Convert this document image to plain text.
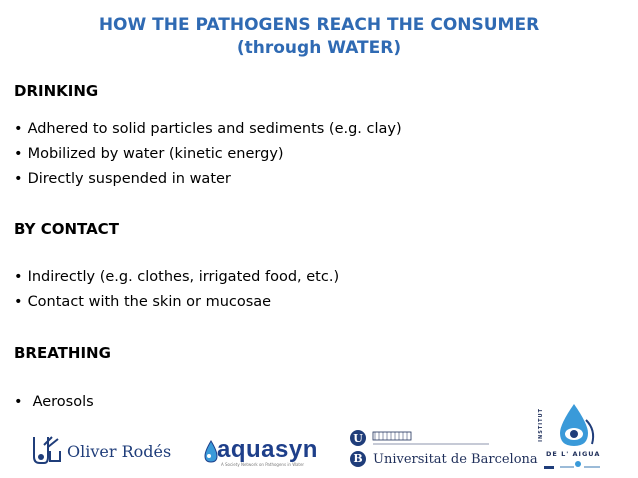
HOW THE PATHOGENS REACH THE CONSUMER
(through WATER)
DRINKING
• Adhered to solid particles and sediments (e.g. clay)
• Mobilized by water (kinetic energy)
• Directly suspended in water
BY CONTACT
• Indirectly (e.g. clothes, irrigated food, etc.)
• Contact with the skin or mucosae
BREATHING
• Aerosols
Oliver Rodés aquasyn
A Society Network on Pathogens in Water
U
B Universitat de Barcelona
INSTITUT
DE L' AIGUA
